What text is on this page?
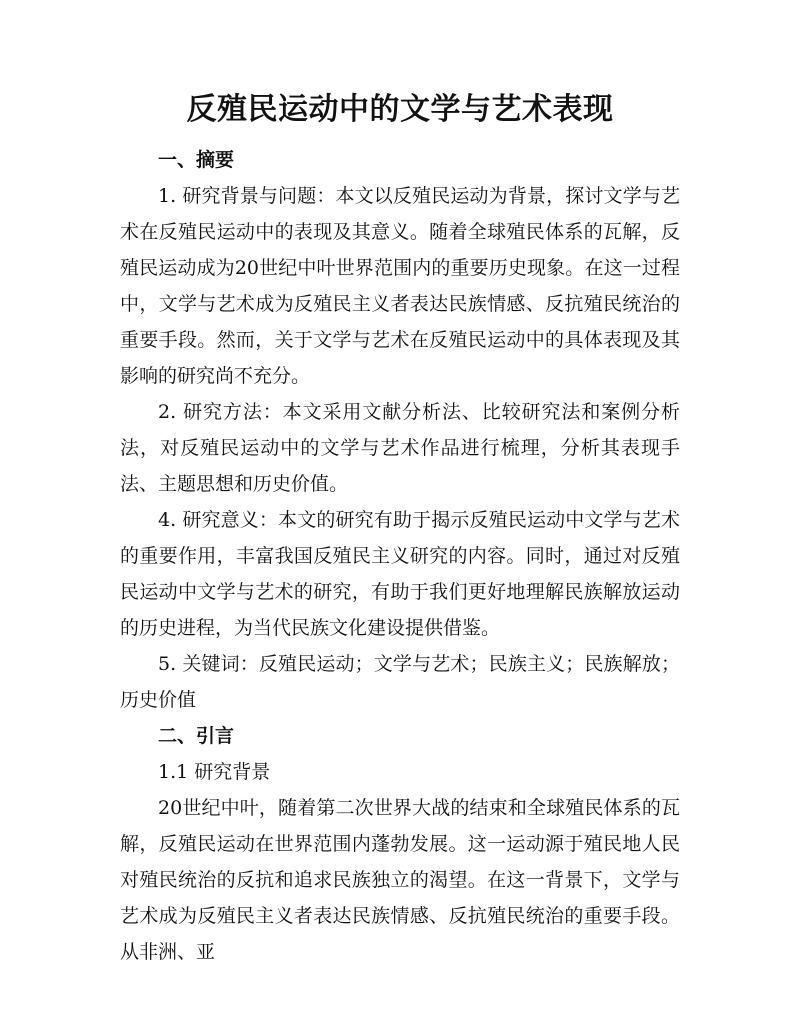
反殖民运动中的文学与艺术表现

一、摘要

1. 研究背景与问题：本文以反殖民运动为背景，探讨文学与艺术在反殖民运动中的表现及其意义。随着全球殖民体系的瓦解，反殖民运动成为20世纪中叶世界范围内的重要历史现象。在这一过程中，文学与艺术成为反殖民主义者表达民族情感、反抗殖民统治的重要手段。然而，关于文学与艺术在反殖民运动中的具体表现及其影响的研究尚不充分。

2. 研究方法：本文采用文献分析法、比较研究法和案例分析法，对反殖民运动中的文学与艺术作品进行梳理，分析其表现手法、主题思想和历史价值。

4. 研究意义：本文的研究有助于揭示反殖民运动中文学与艺术的重要作用，丰富我国反殖民主义研究的内容。同时，通过对反殖民运动中文学与艺术的研究，有助于我们更好地理解民族解放运动的历史进程，为当代民族文化建设提供借鉴。

5. 关键词：反殖民运动；文学与艺术；民族主义；民族解放；历史价值

二、引言

1.1 研究背景

20世纪中叶，随着第二次世界大战的结束和全球殖民体系的瓦解，反殖民运动在世界范围内蓬勃发展。这一运动源于殖民地人民对殖民统治的反抗和追求民族独立的渴望。在这一背景下，文学与艺术成为反殖民主义者表达民族情感、反抗殖民统治的重要手段。从非洲、亚
